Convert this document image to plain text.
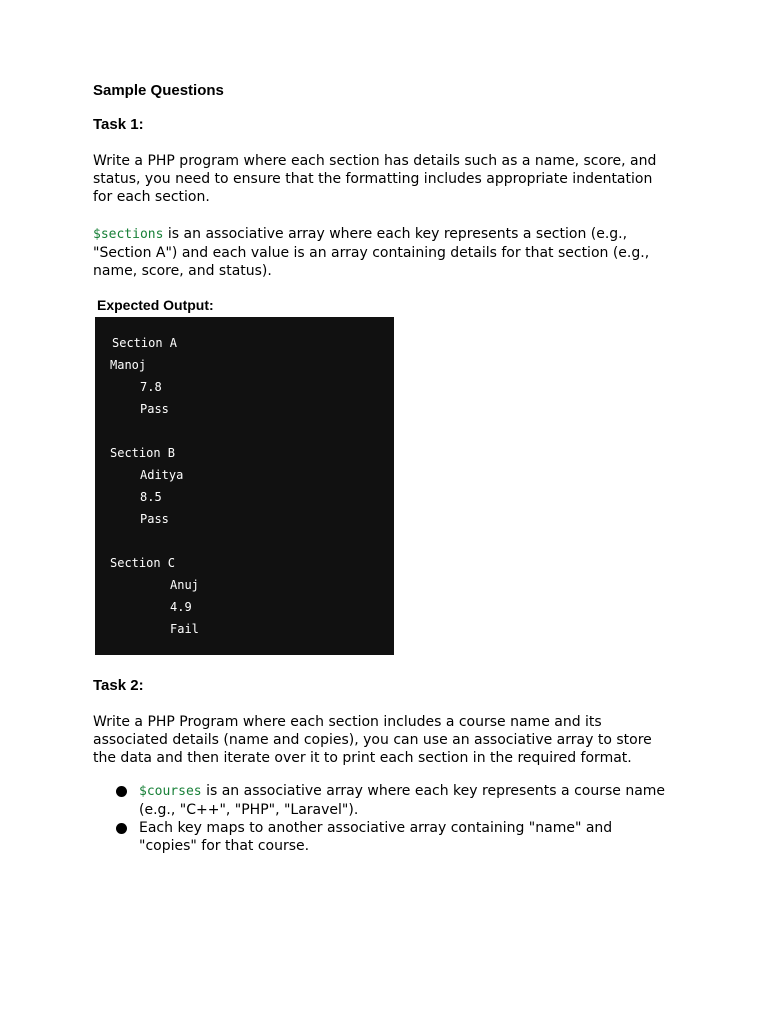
Sample Questions
Task 1:
Write a PHP program where each section has details such as a name, score, and status, you need to ensure that the formatting includes appropriate indentation for each section.
$sections is an associative array where each key represents a section (e.g., "Section A") and each value is an array containing details for that section (e.g., name, score, and status).
Expected Output:
Section A
Manoj
7.8
Pass
Section B
Aditya
8.5
Pass
Section C
Anuj
4.9
Fail
Task 2:
Write a PHP Program where each section includes a course name and its associated details (name and copies), you can use an associative array to store the data and then iterate over it to print each section in the required format.
$courses is an associative array where each key represents a course name (e.g., "C++", "PHP", "Laravel").
Each key maps to another associative array containing "name" and "copies" for that course.
